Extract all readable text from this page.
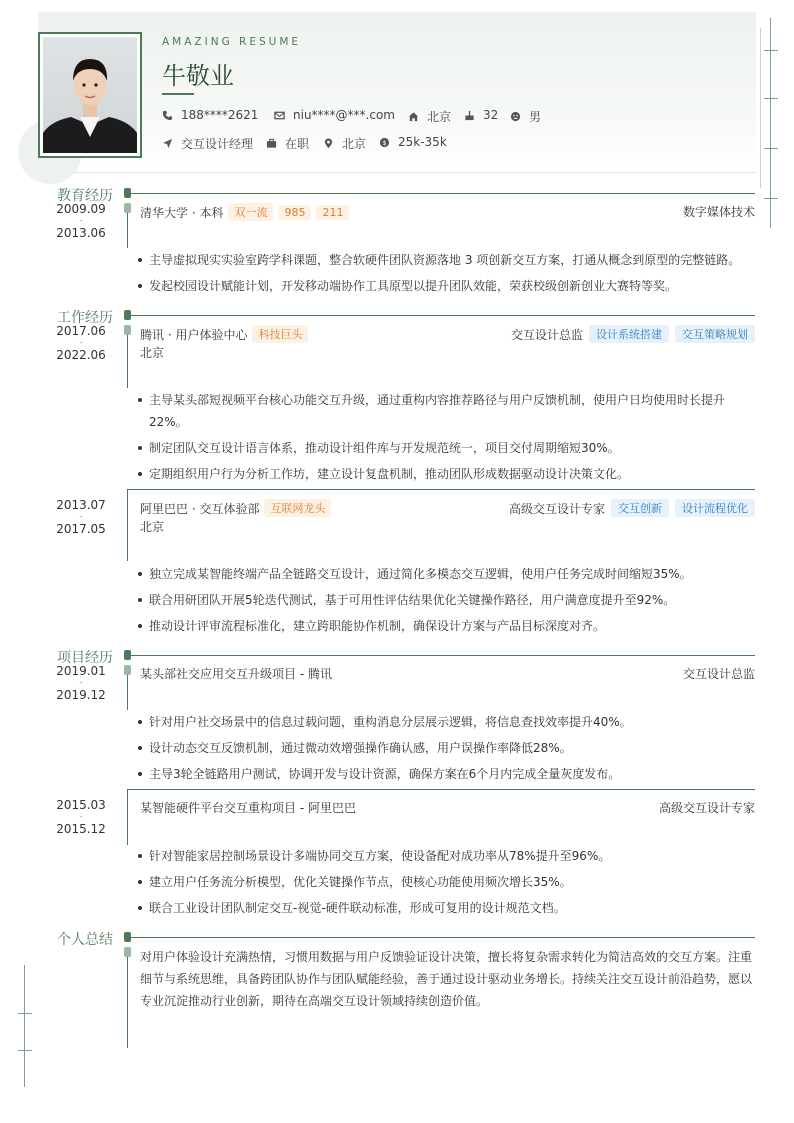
AMAZING RESUME
牛敬业
188****2621	niu****@***.com	北京	32	男
交互设计经理	在职	北京 $ 25k-35k
教育经历
2009.09
-
2013.06
清华大学 · 本科	双一流	985	211	数字媒体技术
主导虚拟现实实验室跨学科课题，整合软硬件团队资源落地 3 项创新交互方案，打通从概念到原型的完整链路。
发起校园设计赋能计划，开发移动端协作工具原型以提升团队效能，荣获校级创新创业大赛特等奖。
工作经历
2017.06
-
2022.06
腾讯 · 用户体验中心	科技巨头	交互设计总监	设计系统搭建	交互策略规划
北京
主导某头部短视频平台核心功能交互升级，通过重构内容推荐路径与用户反馈机制，使用户日均使用时长提升
22%。
制定团队交互设计语言体系，推动设计组件库与开发规范统一，项目交付周期缩短30%。
定期组织用户行为分析工作坊，建立设计复盘机制，推动团队形成数据驱动设计决策文化。
2013.07
-
2017.05
阿里巴巴 · 交互体验部	互联网龙头	高级交互设计专家	交互创新	设计流程优化
北京
独立完成某智能终端产品全链路交互设计，通过简化多模态交互逻辑，使用户任务完成时间缩短35%。
联合用研团队开展5轮迭代测试，基于可用性评估结果优化关键操作路径，用户满意度提升至92%。
推动设计评审流程标准化，建立跨职能协作机制，确保设计方案与产品目标深度对齐。
项目经历
2019.01
-
2019.12
某头部社交应用交互升级项目 - 腾讯	交互设计总监
针对用户社交场景中的信息过载问题，重构消息分层展示逻辑，将信息查找效率提升40%。
设计动态交互反馈机制，通过微动效增强操作确认感，用户误操作率降低28%。
主导3轮全链路用户测试，协调开发与设计资源，确保方案在6个月内完成全量灰度发布。
2015.03
-
2015.12
某智能硬件平台交互重构项目 - 阿里巴巴	高级交互设计专家
针对智能家居控制场景设计多端协同交互方案，使设备配对成功率从78%提升至96%。
建立用户任务流分析模型，优化关键操作节点，使核心功能使用频次增长35%。
联合工业设计团队制定交互-视觉-硬件联动标准，形成可复用的设计规范文档。
个人总结
对用户体验设计充满热情，习惯用数据与用户反馈验证设计决策，擅长将复杂需求转化为简洁高效的交互方案。注重细节与系统思维，具备跨团队协作与团队赋能经验，善于通过设计驱动业务增长。持续关注交互设计前沿趋势，愿以专业沉淀推动行业创新，期待在高端交互设计领域持续创造价值。
